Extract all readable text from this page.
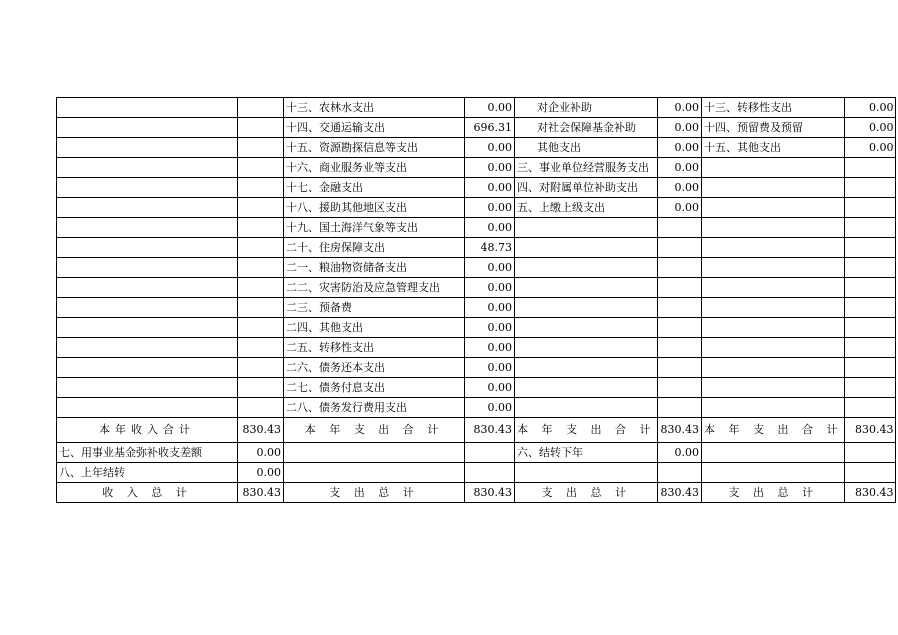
		十三、农林水支出	0.00	对企业补助	0.00	十三、转移性支出	0.00
		十四、交通运输支出	696.31	对社会保障基金补助	0.00	十四、预留费及预留	0.00
		十五、资源勘探信息等支出	0.00	其他支出	0.00	十五、其他支出	0.00
		十六、商业服务业等支出	0.00	三、事业单位经营服务支出	0.00		
		十七、金融支出	0.00	四、对附属单位补助支出	0.00		
		十八、援助其他地区支出	0.00	五、上缴上级支出	0.00		
		十九、国土海洋气象等支出	0.00				
		二十、住房保障支出	48.73				
		二一、粮油物资储备支出	0.00				
		二二、灾害防治及应急管理支出	0.00				
		二三、预备费	0.00				
		二四、其他支出	0.00				
		二五、转移性支出	0.00				
		二六、债务还本支出	0.00				
		二七、债务付息支出	0.00				
		二八、债务发行费用支出	0.00				
本年收入合计	830.43	本 年 支 出 合 计	830.43	本 年 支 出 合 计	830.43	本 年 支 出 合 计	830.43
七、用事业基金弥补收支差额	0.00			六、结转下年	0.00		
八、上年结转	0.00						
收 入 总 计	830.43	支 出 总 计	830.43	支 出 总 计	830.43	支 出 总 计	830.43
